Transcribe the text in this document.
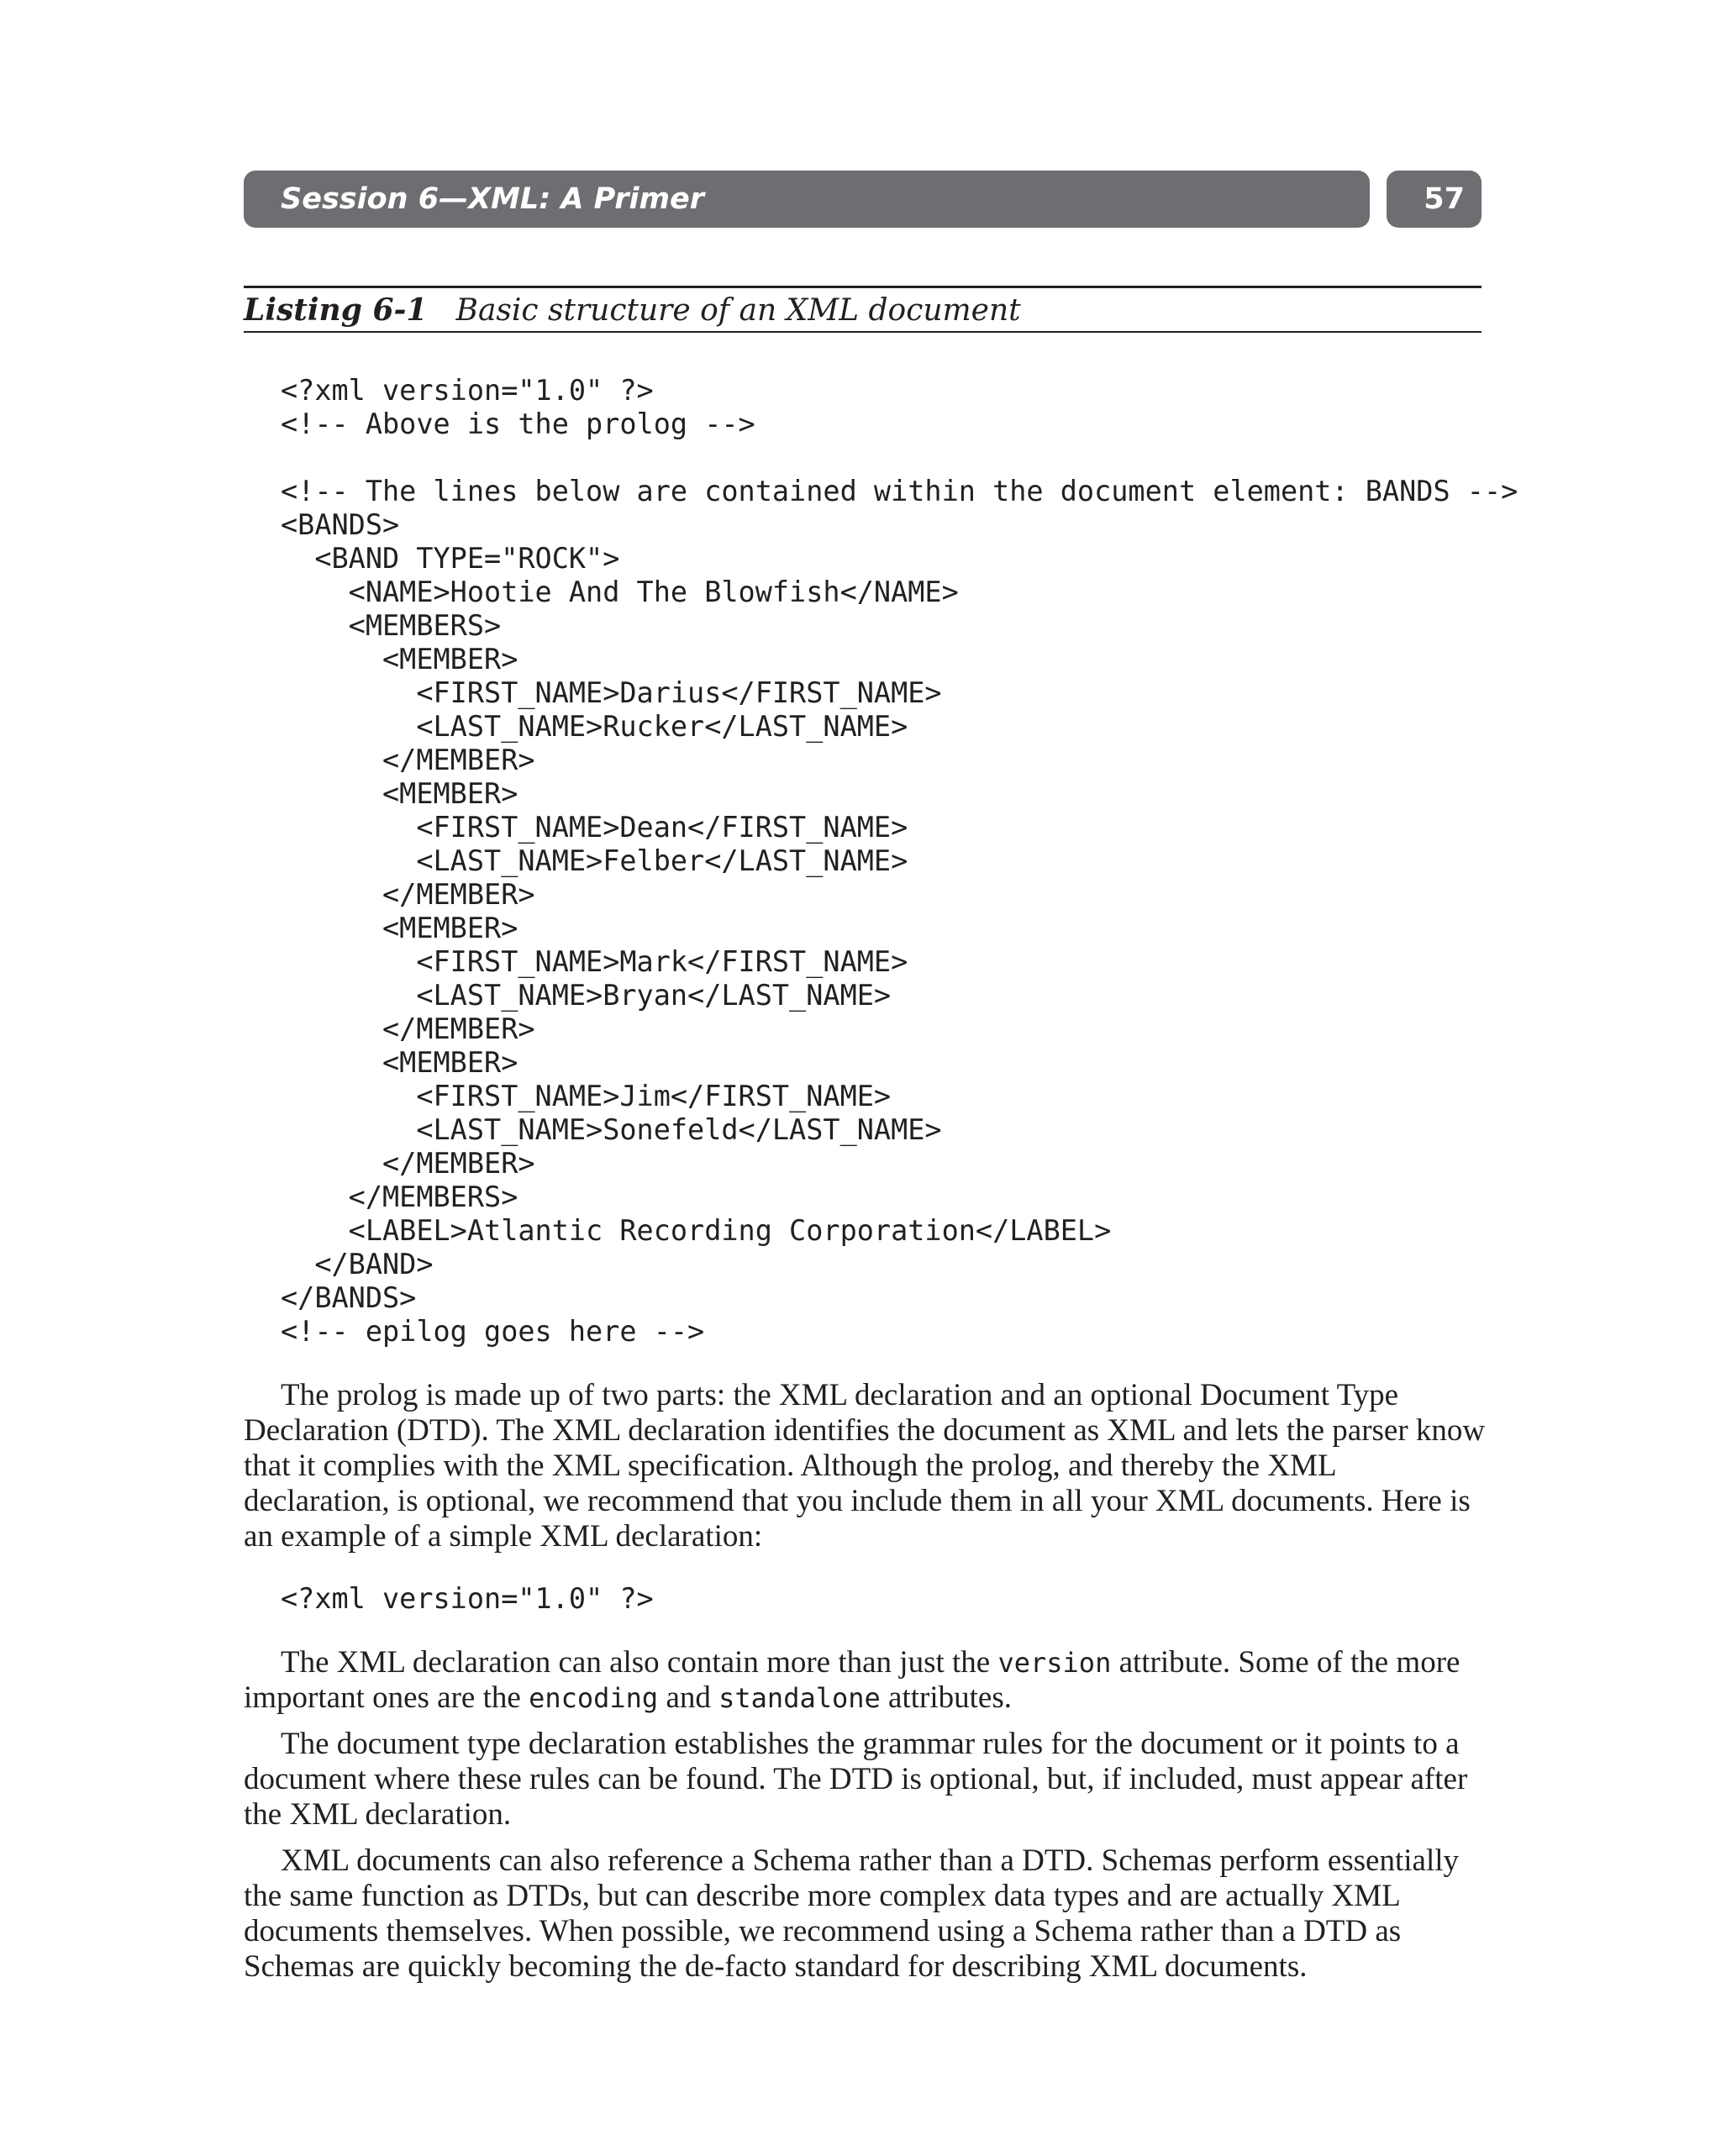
Session 6—XML: A Primer	57
Listing 6-1 Basic structure of an XML document
<?xml version="1.0" ?>
<!-- Above is the prolog -->
<!-- The lines below are contained within the document element: BANDS -->
<BANDS>
<BAND TYPE="ROCK">
<NAME>Hootie And The Blowfish</NAME>
<MEMBERS>
<MEMBER>
<FIRST_NAME>Darius</FIRST_NAME>
<LAST_NAME>Rucker</LAST_NAME>
</MEMBER>
<MEMBER>
<FIRST_NAME>Dean</FIRST_NAME>
<LAST_NAME>Felber</LAST_NAME>
</MEMBER>
<MEMBER>
<FIRST_NAME>Mark</FIRST_NAME>
<LAST_NAME>Bryan</LAST_NAME>
</MEMBER>
<MEMBER>
<FIRST_NAME>Jim</FIRST_NAME>
<LAST_NAME>Sonefeld</LAST_NAME>
</MEMBER>
</MEMBERS>
<LABEL>Atlantic Recording Corporation</LABEL>
</BAND>
</BANDS>
<!-- epilog goes here -->

The prolog is made up of two parts: the XML declaration and an optional Document Type Declaration (DTD). The XML declaration identifies the document as XML and lets the parser know that it complies with the XML specification. Although the prolog, and thereby the XML declaration, is optional, we recommend that you include them in all your XML documents. Here is an example of a simple XML declaration:

<?xml version="1.0" ?>

The XML declaration can also contain more than just the version attribute. Some of the more important ones are the encoding and standalone attributes.

The document type declaration establishes the grammar rules for the document or it points to a document where these rules can be found. The DTD is optional, but, if included, must appear after the XML declaration.

XML documents can also reference a Schema rather than a DTD. Schemas perform essentially the same function as DTDs, but can describe more complex data types and are actually XML documents themselves. When possible, we recommend using a Schema rather than a DTD as Schemas are quickly becoming the de-facto standard for describing XML documents.
